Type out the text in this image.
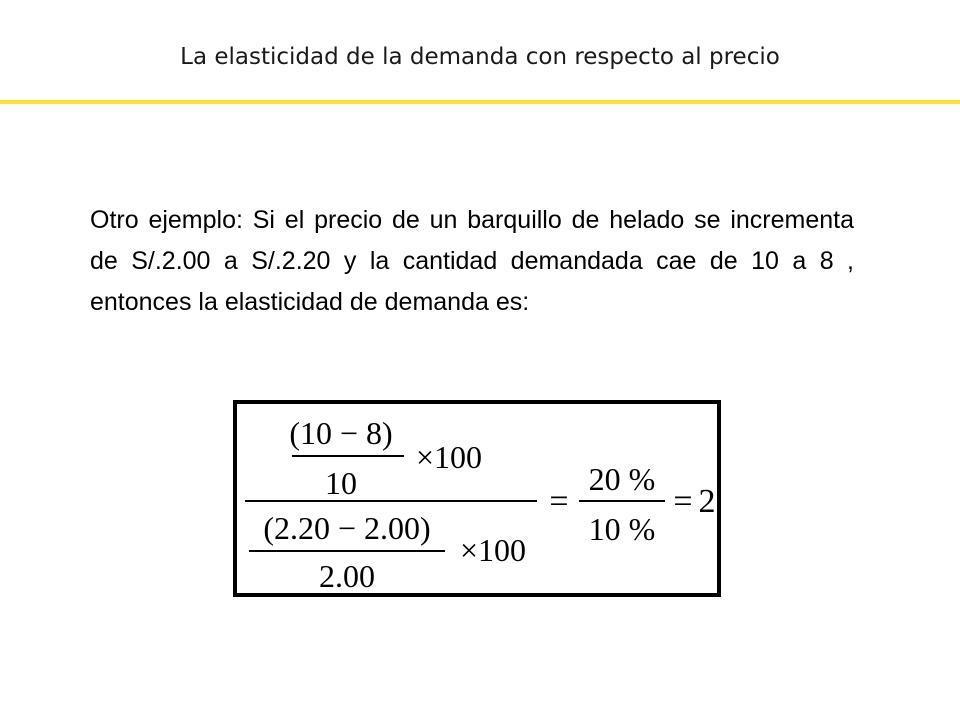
La elasticidad de la demanda con respecto al precio
Otro ejemplo: Si el precio de un barquillo de helado se incrementa de S/.2.00 a S/.2.20 y la cantidad demandada cae de 10 a 8 , entonces la elasticidad de demanda es:
(10 − 8)
10
×100
(2.20 − 2.00)
2.00
×100
=
20 %
10 %
= 2
